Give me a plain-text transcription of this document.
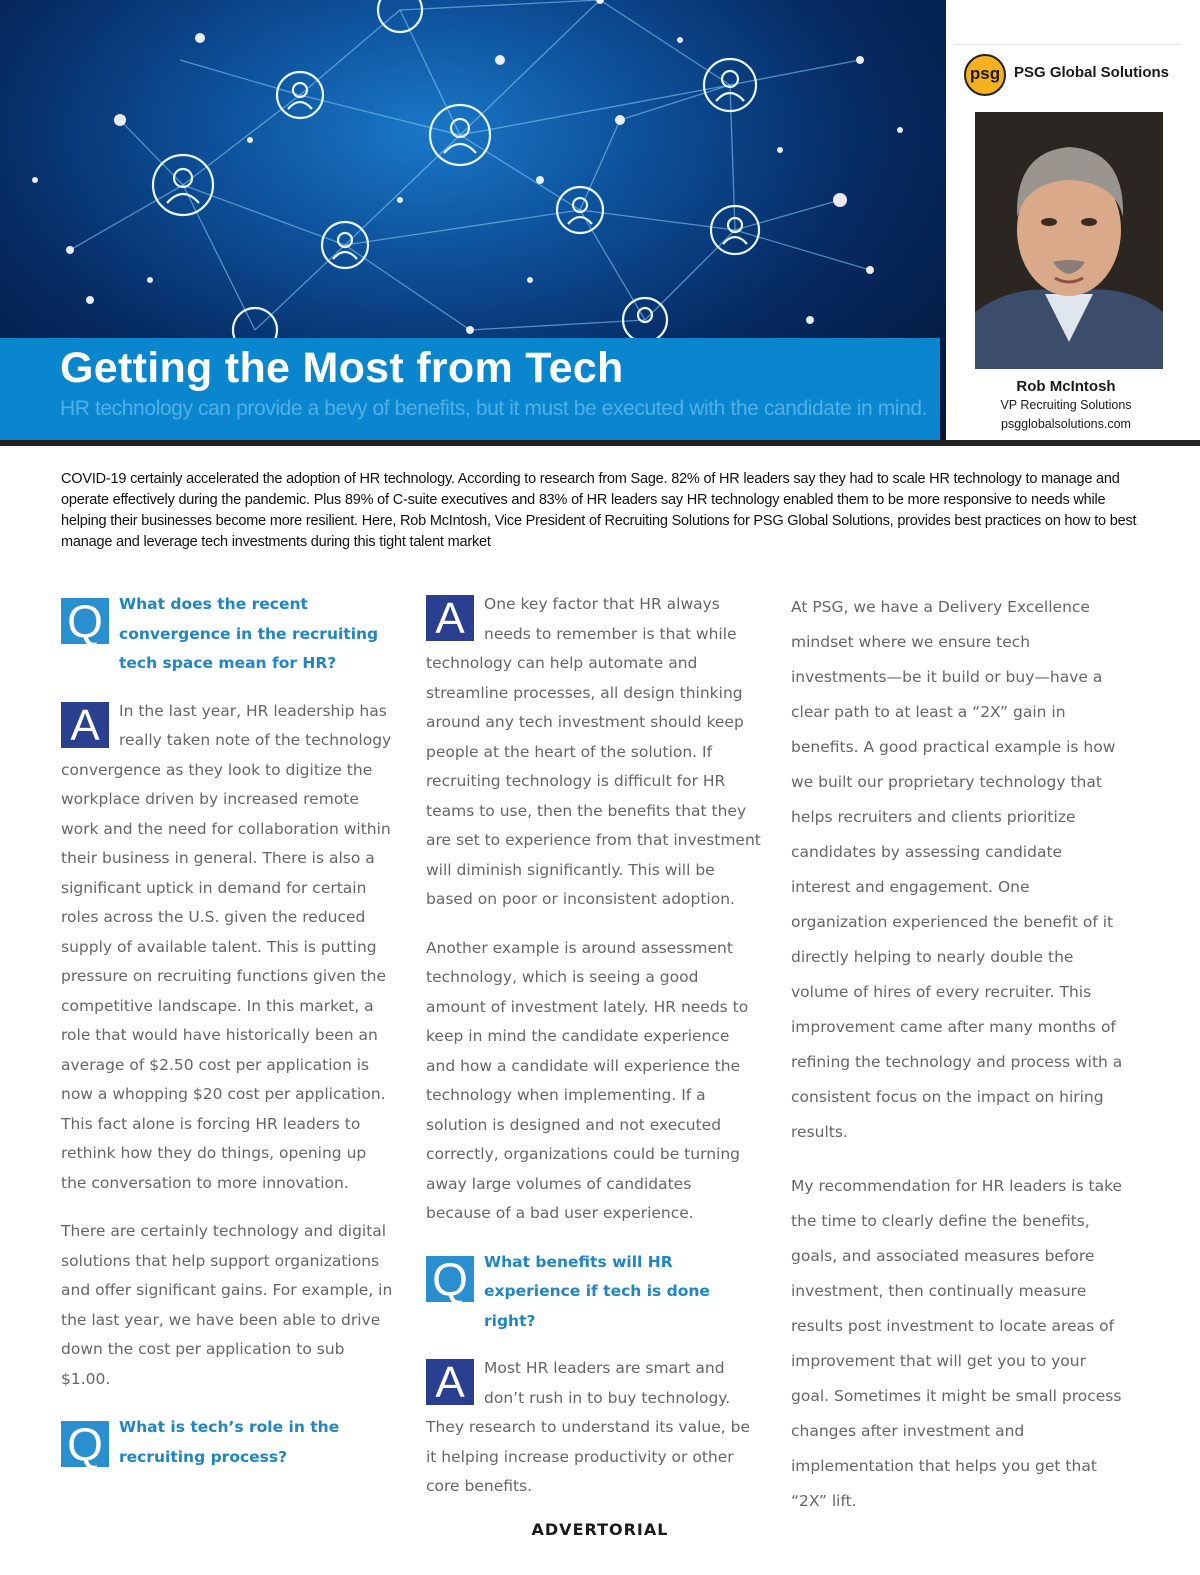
Getting the Most from Tech
HR technology can provide a bevy of benefits, but it must be executed with the candidate in mind.
psg PSG Global Solutions
Rob McIntosh
VP Recruiting Solutions
psgglobalsolutions.com
COVID-19 certainly accelerated the adoption of HR technology. According to research from Sage. 82% of HR leaders say they had to scale HR technology to manage and operate effectively during the pandemic. Plus 89% of C-suite executives and 83% of HR leaders say HR technology enabled them to be more responsive to needs while helping their businesses become more resilient. Here, Rob McIntosh, Vice President of Recruiting Solutions for PSG Global Solutions, provides best practices on how to best manage and leverage tech investments during this tight talent market
Q	What does the recent convergence in the recruiting tech space mean for HR?

A	In the last year, HR leadership has really taken note of the technology convergence as they look to digitize the workplace driven by increased remote work and the need for collaboration within their business in general. There is also a significant uptick in demand for certain roles across the U.S. given the reduced supply of available talent. This is putting pressure on recruiting functions given the competitive landscape. In this market, a role that would have historically been an average of $2.50 cost per application is now a whopping $20 cost per application. This fact alone is forcing HR leaders to rethink how they do things, opening up the conversation to more innovation.

There are certainly technology and digital solutions that help support organizations and offer significant gains. For example, in the last year, we have been able to drive down the cost per application to sub $1.00.

Q	What is tech’s role in the recruiting process?

A	One key factor that HR always needs to remember is that while technology can help automate and streamline processes, all design thinking around any tech investment should keep people at the heart of the solution. If recruiting technology is difficult for HR teams to use, then the benefits that they are set to experience from that investment will diminish significantly. This will be based on poor or inconsistent adoption.

Another example is around assessment technology, which is seeing a good amount of investment lately. HR needs to keep in mind the candidate experience and how a candidate will experience the technology when implementing. If a solution is designed and not executed correctly, organizations could be turning away large volumes of candidates because of a bad user experience.

Q	What benefits will HR experience if tech is done right?

A	Most HR leaders are smart and don’t rush in to buy technology. They research to understand its value, be it helping increase productivity or other core benefits.

At PSG, we have a Delivery Excellence mindset where we ensure tech investments—be it build or buy—have a clear path to at least a “2X” gain in benefits. A good practical example is how we built our proprietary technology that helps recruiters and clients prioritize candidates by assessing candidate interest and engagement. One organization experienced the benefit of it directly helping to nearly double the volume of hires of every recruiter. This improvement came after many months of refining the technology and process with a consistent focus on the impact on hiring results.

My recommendation for HR leaders is take the time to clearly define the benefits, goals, and associated measures before investment, then continually measure results post investment to locate areas of improvement that will get you to your goal. Sometimes it might be small process changes after investment and implementation that helps you get that “2X” lift.

ADVERTORIAL
